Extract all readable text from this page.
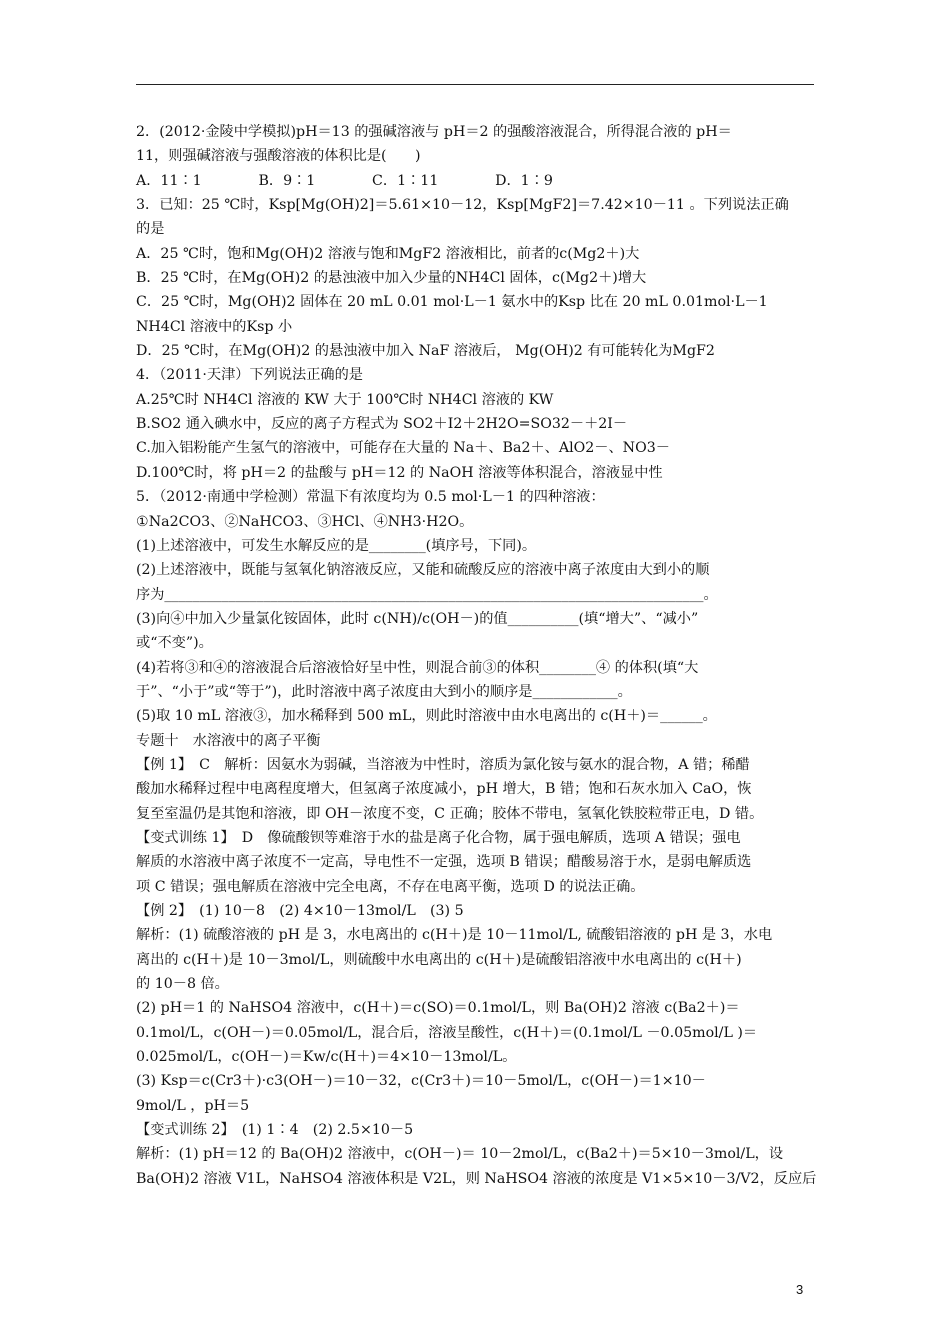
2．(2012·金陵中学模拟)pH＝13 的强碱溶液与 pH＝2 的强酸溶液混合，所得混合液的 pH＝
11，则强碱溶液与强酸溶液的体积比是(　　)
A．11∶1　　　　B．9∶1　　　　C．1∶11　　　　D．1∶9
3．已知：25 ℃时，Ksp[Mg(OH)2]＝5.61×10－12，Ksp[MgF2]＝7.42×10－11 。下列说法正确
的是
A．25 ℃时，饱和Mg(OH)2 溶液与饱和MgF2 溶液相比，前者的c(Mg2＋)大
B．25 ℃时，在Mg(OH)2 的悬浊液中加入少量的NH4Cl 固体，c(Mg2＋)增大
C．25 ℃时，Mg(OH)2 固体在 20 mL 0.01 mol·L－1 氨水中的Ksp 比在 20 mL 0.01mol·L－1
NH4Cl 溶液中的Ksp 小
D．25 ℃时，在Mg(OH)2 的悬浊液中加入 NaF 溶液后， Mg(OH)2 有可能转化为MgF2
4．（2011·天津）下列说法正确的是
A.25℃时 NH4Cl 溶液的 KW 大于 100℃时 NH4Cl 溶液的 KW
B.SO2 通入碘水中，反应的离子方程式为 SO2＋I2＋2H2O=SO32－＋2I－
C.加入铝粉能产生氢气的溶液中，可能存在大量的 Na＋、Ba2＋、AlO2－、NO3－
D.100℃时，将 pH＝2 的盐酸与 pH＝12 的 NaOH 溶液等体积混合，溶液显中性
5．（2012·南通中学检测）常温下有浓度均为 0.5 mol·L－1 的四种溶液：
①Na2CO3、②NaHCO3、③HCl、④NH3·H2O。
(1)上述溶液中，可发生水解反应的是________(填序号，下同)。
(2)上述溶液中，既能与氢氧化钠溶液反应，又能和硫酸反应的溶液中离子浓度由大到小的顺
序为____________________________________________________________________________。
(3)向④中加入少量氯化铵固体，此时 c(NH)/c(OH－)的值__________(填“增大”、“减小”
或“不变”)。
(4)若将③和④的溶液混合后溶液恰好呈中性，则混合前③的体积________④ 的体积(填“大
于”、“小于”或“等于”)，此时溶液中离子浓度由大到小的顺序是____________。
(5)取 10 mL 溶液③，加水稀释到 500 mL，则此时溶液中由水电离出的 c(H＋)＝______。
专题十　水溶液中的离子平衡
【例 1】　C　解析：因氨水为弱碱，当溶液为中性时，溶质为氯化铵与氨水的混合物，A 错；稀醋
酸加水稀释过程中电离程度增大，但氢离子浓度减小，pH 增大，B 错；饱和石灰水加入 CaO，恢
复至室温仍是其饱和溶液，即 OH－浓度不变，C 正确；胶体不带电，氢氧化铁胶粒带正电，D 错。
【变式训练 1】　D　像硫酸钡等难溶于水的盐是离子化合物，属于强电解质，选项 A 错误；强电
解质的水溶液中离子浓度不一定高，导电性不一定强，选项 B 错误；醋酸易溶于水，是弱电解质选
项 C 错误；强电解质在溶液中完全电离，不存在电离平衡，选项 D 的说法正确。
【例 2】　(1) 10－8　(2) 4×10－13mol/L　(3) 5
解析：(1) 硫酸溶液的 pH 是 3，水电离出的 c(H＋)是 10－11mol/L, 硫酸铝溶液的 pH 是 3，水电
离出的 c(H＋)是 10－3mol/L，则硫酸中水电离出的 c(H＋)是硫酸铝溶液中水电离出的 c(H＋)
的 10－8 倍。
(2) pH＝1 的 NaHSO4 溶液中，c(H＋)＝c(SO)＝0.1mol/L，则 Ba(OH)2 溶液 c(Ba2＋)＝
0.1mol/L，c(OH－)＝0.05mol/L，混合后，溶液呈酸性，c(H＋)＝(0.1mol/L －0.05mol/L )＝
0.025mol/L，c(OH－)＝Kw/c(H＋)＝4×10－13mol/L。
(3) Ksp＝c(Cr3＋)·c3(OH－)＝10－32，c(Cr3＋)＝10－5mol/L，c(OH－)＝1×10－
9mol/L ，pH＝5
【变式训练 2】　(1) 1∶4　(2) 2.5×10－5
解析：(1) pH＝12 的 Ba(OH)2 溶液中，c(OH－)＝ 10－2mol/L，c(Ba2＋)＝5×10－3mol/L，设
Ba(OH)2 溶液 V1L，NaHSO4 溶液体积是 V2L，则 NaHSO4 溶液的浓度是 V1×5×10－3/V2，反应后
3
